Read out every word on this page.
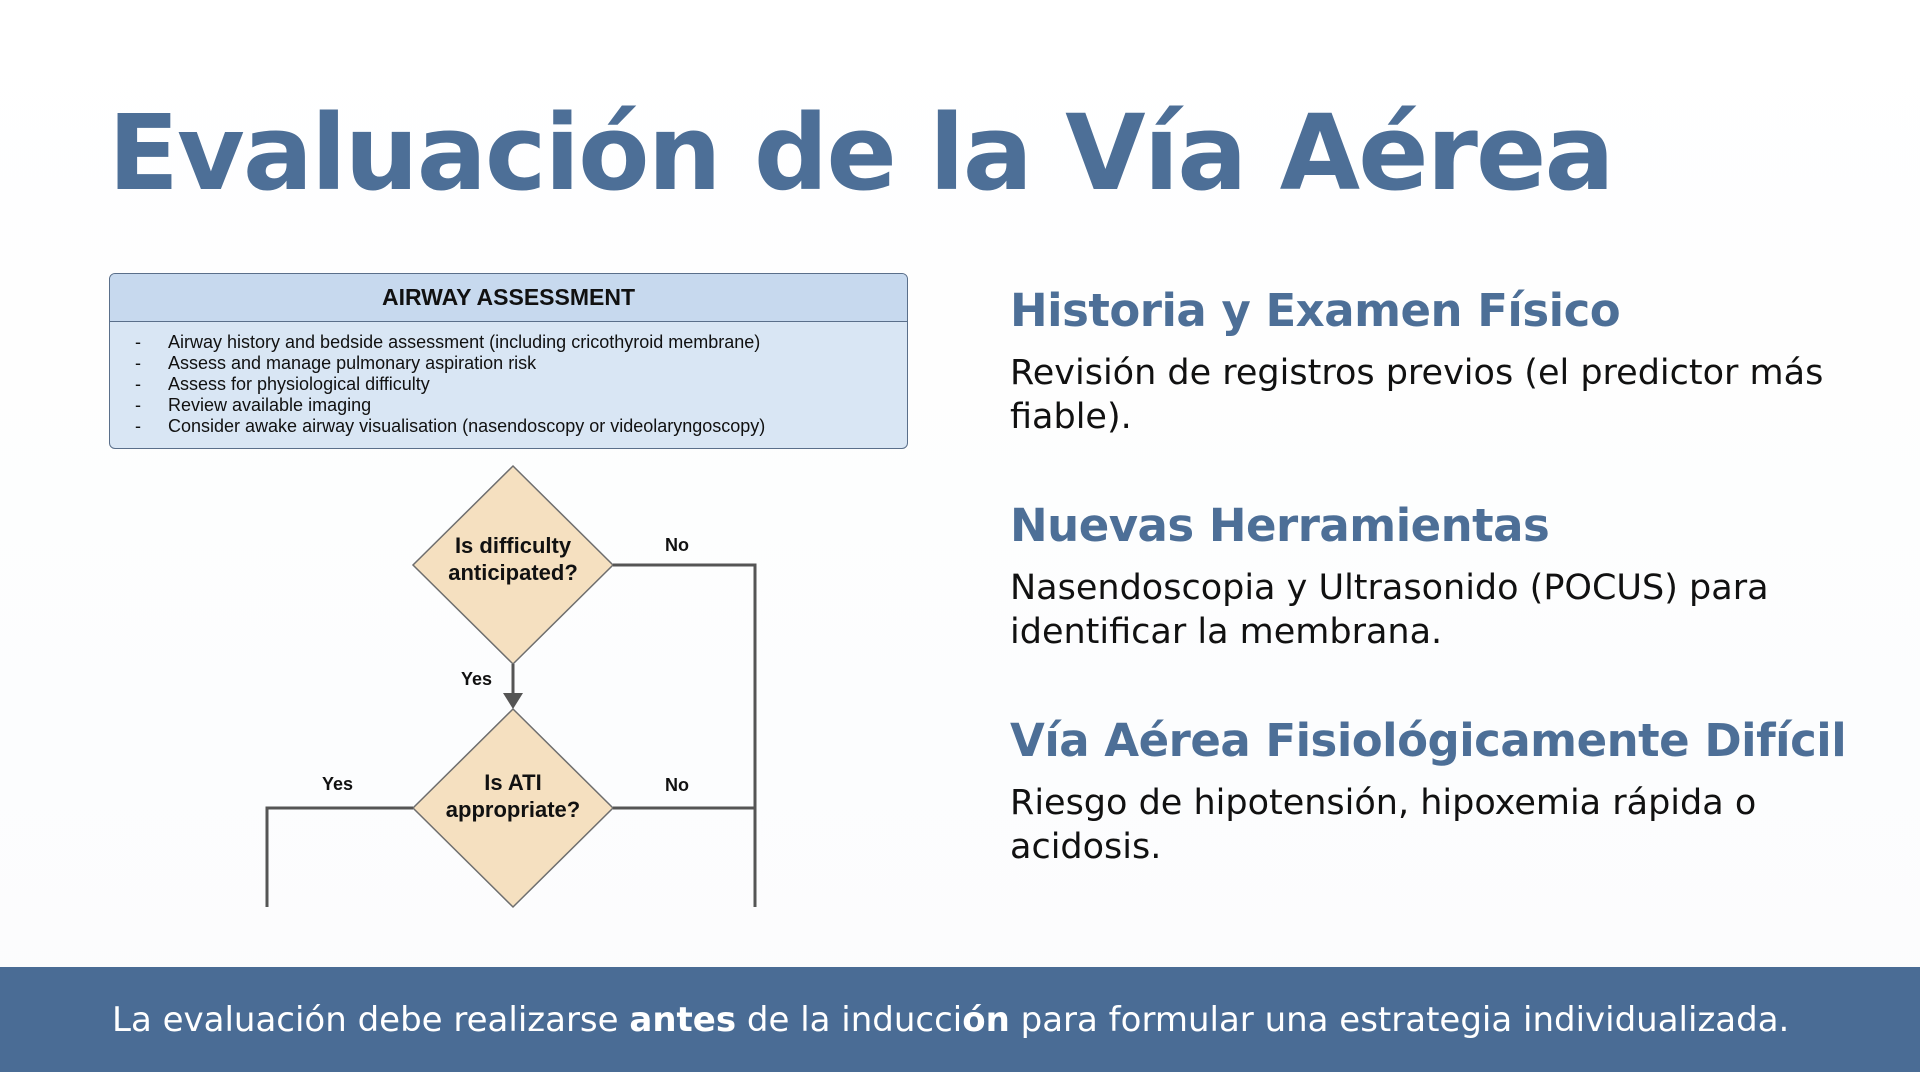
Evaluación de la Vía Aérea
AIRWAY ASSESSMENT
-	Airway history and bedside assessment (including cricothyroid membrane)
-	Assess and manage pulmonary aspiration risk
-	Assess for physiological difficulty
-	Review available imaging
-	Consider awake airway visualisation (nasendoscopy or videolaryngoscopy)
Is difficulty
anticipated?
Is ATI
appropriate?
No
Yes
Yes	No
Historia y Examen Físico

Revisión de registros previos (el predictor más fiable).

Nuevas Herramientas

Nasendoscopia y Ultrasonido (POCUS) para identificar la membrana.

Vía Aérea Fisiológicamente Difícil

Riesgo de hipotensión, hipoxemia rápida o acidosis.

La evaluación debe realizarse antes de la inducción para formular una estrategia individualizada.
